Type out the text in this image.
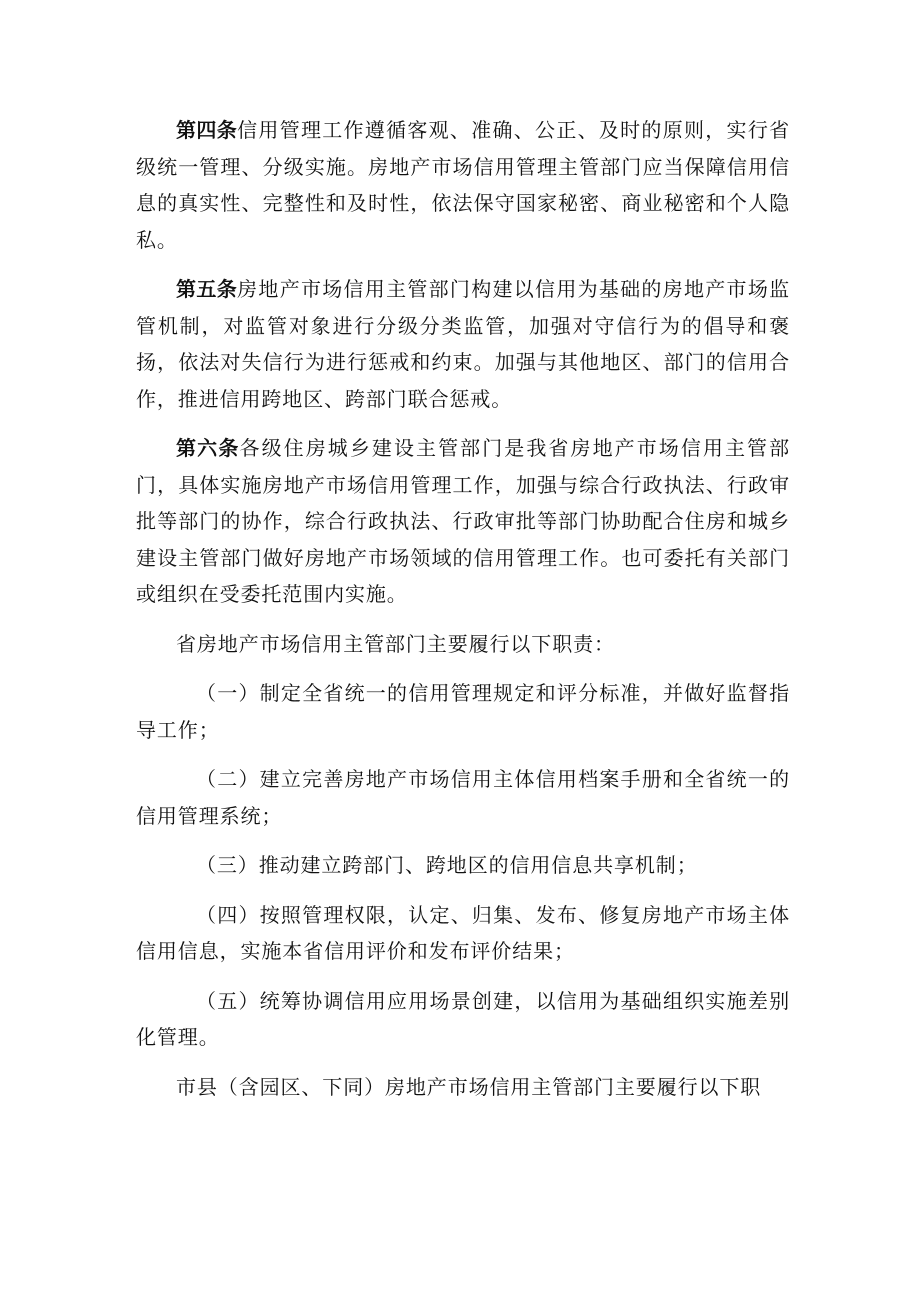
第四条信用管理工作遵循客观、准确、公正、及时的原则，实行省级统一管理、分级实施。房地产市场信用管理主管部门应当保障信用信息的真实性、完整性和及时性，依法保守国家秘密、商业秘密和个人隐私。

第五条房地产市场信用主管部门构建以信用为基础的房地产市场监管机制，对监管对象进行分级分类监管，加强对守信行为的倡导和褒扬，依法对失信行为进行惩戒和约束。加强与其他地区、部门的信用合作，推进信用跨地区、跨部门联合惩戒。

第六条各级住房城乡建设主管部门是我省房地产市场信用主管部门，具体实施房地产市场信用管理工作，加强与综合行政执法、行政审批等部门的协作，综合行政执法、行政审批等部门协助配合住房和城乡建设主管部门做好房地产市场领域的信用管理工作。也可委托有关部门或组织在受委托范围内实施。

省房地产市场信用主管部门主要履行以下职责：

（一）制定全省统一的信用管理规定和评分标准，并做好监督指导工作；

（二）建立完善房地产市场信用主体信用档案手册和全省统一的信用管理系统；

（三）推动建立跨部门、跨地区的信用信息共享机制；

（四）按照管理权限，认定、归集、发布、修复房地产市场主体信用信息，实施本省信用评价和发布评价结果；

（五）统筹协调信用应用场景创建，以信用为基础组织实施差别化管理。

市县（含园区、下同）房地产市场信用主管部门主要履行以下职
